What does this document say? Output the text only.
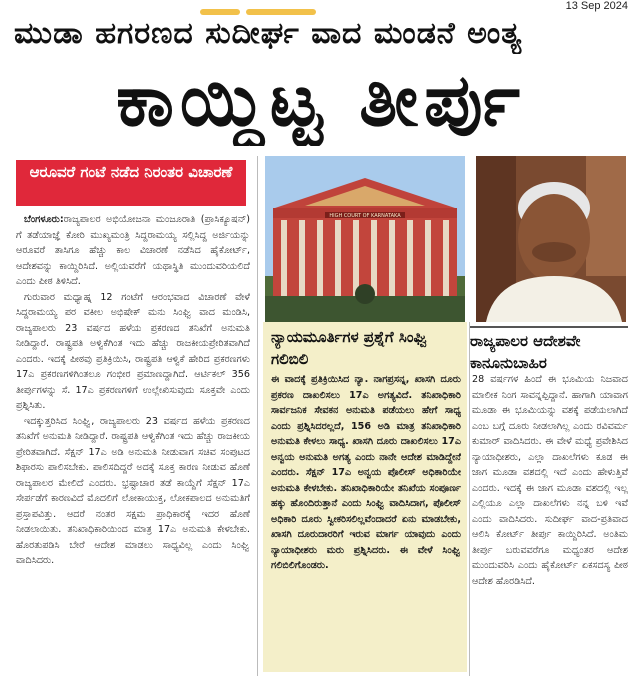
13 Sep 2024
ಮುಡಾ ಹಗರಣದ ಸುದೀರ್ಘ ವಾದ ಮಂಡನೆ ಅಂತ್ಯ
ಕಾಯ್ದಿಟ್ಟ ತೀರ್ಪು
ಆರೂವರೆ ಗಂಟೆ ನಡೆದ ನಿರಂತರ ವಿಚಾರಣೆ

ಬೆಂಗಳೂರು:ರಾಜ್ಯಪಾಲರ ಅಭಿಯೋಜನಾ ಮಂಜೂರಾತಿ (ಪ್ರಾಸಿಕ್ಯೂಷನ್) ಗೆ ತಡೆಯಾಜ್ಞೆ ಕೋರಿ ಮುಖ್ಯಮಂತ್ರಿ ಸಿದ್ದರಾಮಯ್ಯ ಸಲ್ಲಿಸಿದ್ದ ಅರ್ಜಿಯನ್ನು ಆರೂವರೆ ತಾಸಿಗೂ ಹೆಚ್ಚು ಕಾಲ ವಿಚಾರಣೆ ನಡೆಸಿದ ಹೈಕೋರ್ಟ್, ಆದೇಶವನ್ನು ಕಾಯ್ದಿರಿಸಿದೆ. ಅಲ್ಲಿಯವರೆಗೆ ಯಥಾಸ್ಥಿತಿ ಮುಂದುವರಿಯಲಿದೆ ಎಂದು ಪೀಠ ತಿಳಿಸಿದೆ.

ಗುರುವಾರ ಮಧ್ಯಾಹ್ನ 12 ಗಂಟೆಗೆ ಆರಂಭವಾದ ವಿಚಾರಣೆ ವೇಳೆ ಸಿದ್ದರಾಮಯ್ಯ ಪರ ವಕೀಲ ಅಭಿಷೇಕ್ ಮನು ಸಿಂಘ್ವಿ ವಾದ ಮಂಡಿಸಿ, ರಾಜ್ಯಪಾಲರು 23 ವರ್ಷದ ಹಳೆಯ ಪ್ರಕರಣದ ತನಿಖೆಗೆ ಅನುಮತಿ ನೀಡಿದ್ದಾರೆ. ರಾಷ್ಟ್ರಪತಿ ಅಳ್ವಿಕೆಗಿಂತ ಇದು ಹೆಚ್ಚು ರಾಜಕೀಯಪ್ರೇರಿತವಾಗಿದೆ ಎಂದರು. ಇದಕ್ಕೆ ಪೀಠವು ಪ್ರತಿಕ್ರಿಯಿಸಿ, ರಾಷ್ಟ್ರಪತಿ ಆಳ್ವಿಕೆ ಹೇರಿದ ಪ್ರಕರಣಗಳು 17ಎ ಪ್ರಕರಣಗಳಿಗಿಂತಲೂ ಗಂಭೀರ ಪ್ರಮಾಣದ್ದಾಗಿದೆ. ಆರ್ಟಿಕಲ್ 356 ತೀರ್ಪುಗಳನ್ನು ಸೆ. 17ಎ ಪ್ರಕರಣಗಳಿಗೆ ಉಲ್ಲೇಖಿಸುವುದು ಸೂಕ್ತವೇ ಎಂದು ಪ್ರಶ್ನಿಸಿತು.

ಇದಕ್ಕುತ್ತರಿಸಿದ ಸಿಂಘ್ವಿ, ರಾಜ್ಯಪಾಲರು 23 ವರ್ಷದ ಹಳೆಯ ಪ್ರಕರಣದ ತನಿಖೆಗೆ ಅನುಮತಿ ನೀಡಿದ್ದಾರೆ. ರಾಷ್ಟ್ರಪತಿ ಆಳ್ವಿಕೆಗಿಂತ ಇದು ಹೆಚ್ಚು ರಾಜಕೀಯ ಪ್ರೇರಿತವಾಗಿದೆ. ಸೆಕ್ಷನ್ 17ಎ ಅಡಿ ಅನುಮತಿ ನೀಡುವಾಗ ಸಚಿವ ಸಂಪುಟದ ಶಿಫಾರಸು ಪಾಲಿಸಬೇಕು. ಪಾಲಿಸದಿದ್ದರೆ ಅದಕ್ಕೆ ಸೂಕ್ತ ಕಾರಣ ನೀಡುವ ಹೊಣೆ ರಾಜ್ಯಪಾಲರ ಮೇಲಿದೆ ಎಂದರು. ಭ್ರಷ್ಟಾಚಾರ ತಡೆ ಕಾಯ್ದೆಗೆ ಸೆಕ್ಷನ್ 17ಎ ಸೇರ್ಪಡೆಗೆ ಕಾರಣವಿದೆ ಮೊದಲಿಗೆ ಲೋಕಾಯುಕ್ತ, ಲೋಕಪಾಲದ ಅನುಮತಿಗೆ ಪ್ರಸ್ತಾಪವಿತ್ತು. ಆದರೆ ನಂತರ ಸಕ್ಷಮ ಪ್ರಾಧಿಕಾರಕ್ಕೆ ಇದರ ಹೊಣೆ ನೀಡಲಾಯಿತು. ತನಿಖಾಧಿಕಾರಿಯಿಂದ ಮಾತ್ರ 17ಎ ಅನುಮತಿ ಕೇಳಬೇಕು. ಹೊರತುಪಡಿಸಿ ಬೇರೆ ಆದೇಶ ಮಾಡಲು ಸಾಧ್ಯವಿಲ್ಲ ಎಂದು ಸಿಂಘ್ವಿ ವಾದಿಸಿದರು.

HIGH COURT OF KARNATAKA
ನ್ಯಾಯಮೂರ್ತಿಗಳ ಪ್ರಶ್ನೆಗೆ ಸಿಂಘ್ವಿ ಗಲಿಬಿಲಿ
ಈ ವಾದಕ್ಕೆ ಪ್ರತಿಕ್ರಿಯಿಸಿದ ನ್ಯಾ. ನಾಗಪ್ರಸನ್ನ, ಖಾಸಗಿ ದೂರು ಪ್ರಕರಣ ದಾಖಲಿಸಲು 17ಎ ಅಗತ್ಯವಿದೆ. ತನಿಖಾಧಿಕಾರಿ ಸಾರ್ವಜನಿಕ ಸೇವಕನ ಅನುಮತಿ ಪಡೆಯಲು ಹೇಗೆ ಸಾಧ್ಯ ಎಂದು ಪ್ರಶ್ನಿಸಿದರಲ್ಲದೆ, 156 ಅಡಿ ಮಾತ್ರ ತನಿಖಾಧಿಕಾರಿ ಅನುಮತಿ ಕೇಳಲು ಸಾಧ್ಯ. ಖಾಸಗಿ ದೂರು ದಾಖಲಿಸಲು 17ಎ ಅನ್ವಯ ಅನುಮತಿ ಅಗತ್ಯ ಎಂದು ನಾನೇ ಆದೇಶ ಮಾಡಿದ್ದೇನೆ ಎಂದರು. ಸೆಕ್ಷನ್ 17ಎ ಅನ್ವಯ ಪೊಲೀಸ್ ಅಧಿಕಾರಿಯೇ ಅನುಮತಿ ಕೇಳಬೇಕು. ತನಿಖಾಧಿಕಾರಿಯೇ ತನಿಖೆಯ ಸಂಪೂರ್ಣ ಹಕ್ಕು ಹೊಂದಿರುತ್ತಾನೆ ಎಂದು ಸಿಂಘ್ವಿ ವಾದಿಸಿದಾಗ, ಪೊಲೀಸ್ ಅಧಿಕಾರಿ ದೂರು ಸ್ವೀಕರಿಸಲಿಲ್ಲವೆಂದಾದರೆ ಏನು ಮಾಡಬೇಕು, ಖಾಸಗಿ ದೂರುದಾರರಿಗೆ ಇರುವ ಮಾರ್ಗ ಯಾವುದು ಎಂದು ನ್ಯಾಯಾಧೀಶರು ಮರು ಪ್ರಶ್ನಿಸಿದರು. ಈ ವೇಳೆ ಸಿಂಘ್ವಿ ಗಲಿಬಿಲಿಗೊಂಡರು.
ರಾಜ್ಯಪಾಲರ ಆದೇಶವೇ ಕಾನೂನುಬಾಹಿರ
28 ವರ್ಷಗಳ ಹಿಂದೆ ಈ ಭೂಮಿಯ ನಿಜವಾದ ಮಾಲೀಕ ನಿಂಗ ಸಾವನ್ನಪ್ಪಿದ್ದಾನೆ. ಹಾಗಾಗಿ ಯಾವಾಗ ಮೂಡಾ ಈ ಭೂಮಿಯನ್ನು ವಶಕ್ಕೆ ಪಡೆಯಲಾಗಿದೆ ಎಂಬ ಬಗ್ಗೆ ದೂರು ನೀಡಲಾಗಿಲ್ಲ ಎಂದು ರವಿವರ್ಮ ಕುಮಾರ್ ವಾದಿಸಿದರು. ಈ ವೇಳೆ ಮಧ್ಯೆ ಪ್ರವೇಶಿಸಿದ ನ್ಯಾಯಾಧೀಶರು, ಎಲ್ಲಾ ದಾಖಲೆಗಳು ಕೂಡ ಈ ಜಾಗ ಮೂಡಾ ವಶದಲ್ಲಿ ಇದೆ ಎಂದು ಹೇಳುತ್ತಿವೆ ಎಂದರು. ಇದಕ್ಕೆ ಈ ಜಾಗ ಮೂಡಾ ವಶದಲ್ಲಿ ಇಲ್ಲ ಎಲ್ಲಿಯೂ ಎಲ್ಲಾ ದಾಖಲೆಗಳು ನನ್ನ ಬಳಿ ಇವೆ ಎಂದು ವಾದಿಸಿದರು. ಸುದೀರ್ಘ ವಾದ-ಪ್ರತಿವಾದ ಆಲಿಸಿ ಕೋರ್ಟ್ ತೀರ್ಪು ಕಾಯ್ದಿರಿಸಿದೆ. ಅಂತಿಮ ತೀರ್ಪು ಬರುವವರೆಗೂ ಮಧ್ಯಂತರ ಆದೇಶ ಮುಂದುವರಿಸಿ ಎಂದು ಹೈಕೋರ್ಟ್ ಏಕಸದಸ್ಯ ಪೀಠ ಆದೇಶ ಹೊರಡಿಸಿದೆ.
